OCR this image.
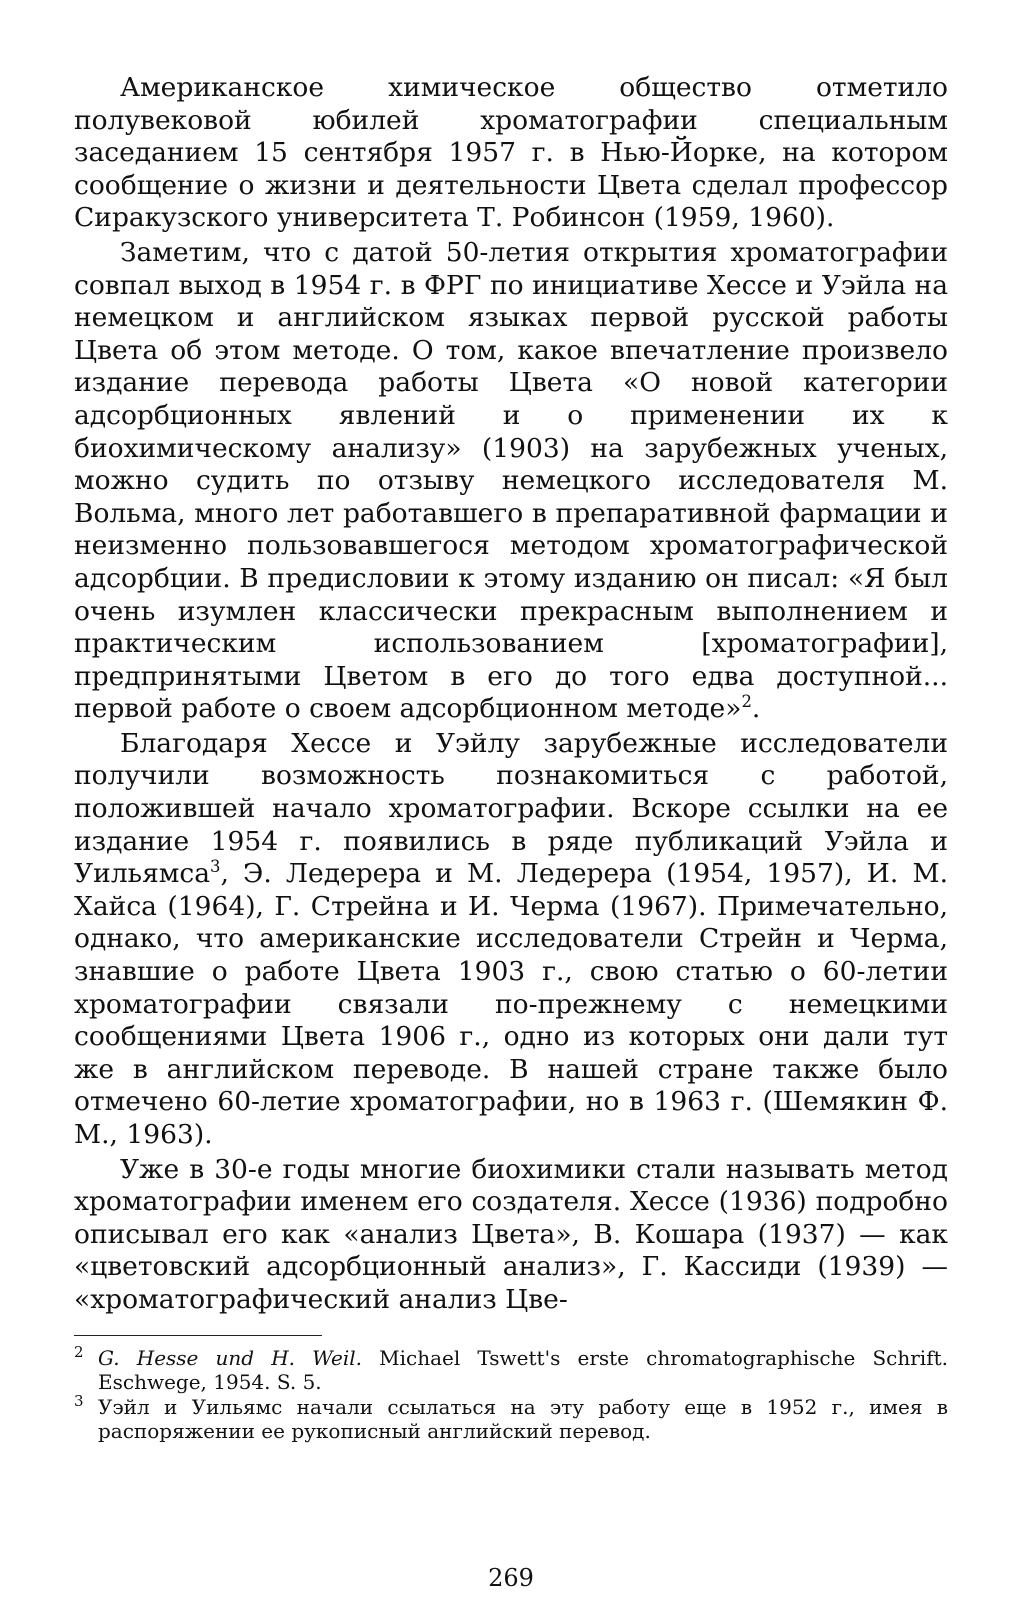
Американское химическое общество отметило полувековой юбилей хроматографии специальным заседанием 15 сентября 1957 г. в Нью-Йорке, на котором сообщение о жизни и деятельности Цвета сделал профессор Сиракузского университета Т. Робинсон (1959, 1960).

Заметим, что с датой 50-летия открытия хроматографии совпал выход в 1954 г. в ФРГ по инициативе Хессе и Уэйла на немецком и английском языках первой русской работы Цвета об этом методе. О том, какое впечатление произвело издание перевода работы Цвета «О новой категории адсорбционных явлений и о применении их к биохимическому анализу» (1903) на зарубежных ученых, можно судить по отзыву немецкого исследователя М. Вольма, много лет работавшего в препаративной фармации и неизменно пользовавшегося методом хроматографической адсорбции. В предисловии к этому изданию он писал: «Я был очень изумлен классически прекрасным выполнением и практическим использованием [хроматографии], предпринятыми Цветом в его до того едва доступной... первой работе о своем адсорбционном методе»$^2$.

Благодаря Хессе и Уэйлу зарубежные исследователи получили возможность познакомиться с работой, положившей начало хроматографии. Вскоре ссылки на ее издание 1954 г. появились в ряде публикаций Уэйла и Уильямса$^3$, Э. Ледерера и М. Ледерера (1954, 1957), И. М. Хайса (1964), Г. Стрейна и И. Черма (1967). Примечательно, однако, что американские исследователи Стрейн и Черма, знавшие о работе Цвета 1903 г., свою статью о 60-летии хроматографии связали по-прежнему с немецкими сообщениями Цвета 1906 г., одно из которых они дали тут же в английском переводе. В нашей стране также было отмечено 60-летие хроматографии, но в 1963 г. (Шемякин Ф. М., 1963).

Уже в 30-е годы многие биохимики стали называть метод хроматографии именем его создателя. Хессе (1936) подробно описывал его как «анализ Цвета», В. Кошара (1937) — как «цветовский адсорбционный анализ», Г. Кассиди (1939) — «хроматографический анализ Цве-

2 G. Hesse und H. Weil. Michael Tswett's erste chromatographische Schrift. Eschwege, 1954. S. 5.

3 Уэйл и Уильямс начали ссылаться на эту работу еще в 1952 г., имея в распоряжении ее рукописный английский перевод.

269
